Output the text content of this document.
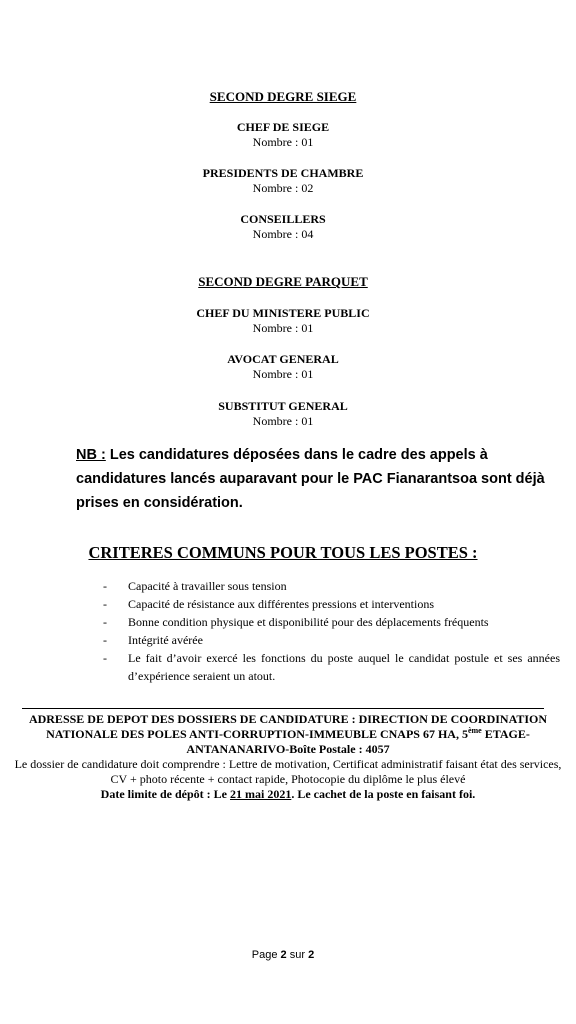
SECOND DEGRE SIEGE
CHEF DE SIEGE
Nombre : 01
PRESIDENTS DE CHAMBRE
Nombre : 02
CONSEILLERS
Nombre : 04
SECOND DEGRE PARQUET
CHEF DU MINISTERE PUBLIC
Nombre : 01
AVOCAT GENERAL
Nombre : 01
SUBSTITUT GENERAL
Nombre : 01
NB : Les candidatures déposées dans le cadre des appels à candidatures lancés auparavant pour le PAC Fianarantsoa sont déjà prises en considération.
CRITERES COMMUNS POUR TOUS LES POSTES :
- Capacité à travailler sous tension
- Capacité de résistance aux différentes pressions et interventions
- Bonne condition physique et disponibilité pour des déplacements fréquents
- Intégrité avérée
- Le fait d’avoir exercé les fonctions du poste auquel le candidat postule et ses années d’expérience seraient un atout.
ADRESSE DE DEPOT DES DOSSIERS DE CANDIDATURE : DIRECTION DE COORDINATION NATIONALE DES POLES ANTI-CORRUPTION-IMMEUBLE CNAPS 67 HA, 5ème ETAGE-ANTANANARIVO-Boîte Postale : 4057
Le dossier de candidature doit comprendre : Lettre de motivation, Certificat administratif faisant état des services, CV + photo récente + contact rapide, Photocopie du diplôme le plus élevé
Date limite de dépôt : Le 21 mai 2021. Le cachet de la poste en faisant foi.
Page 2 sur 2
